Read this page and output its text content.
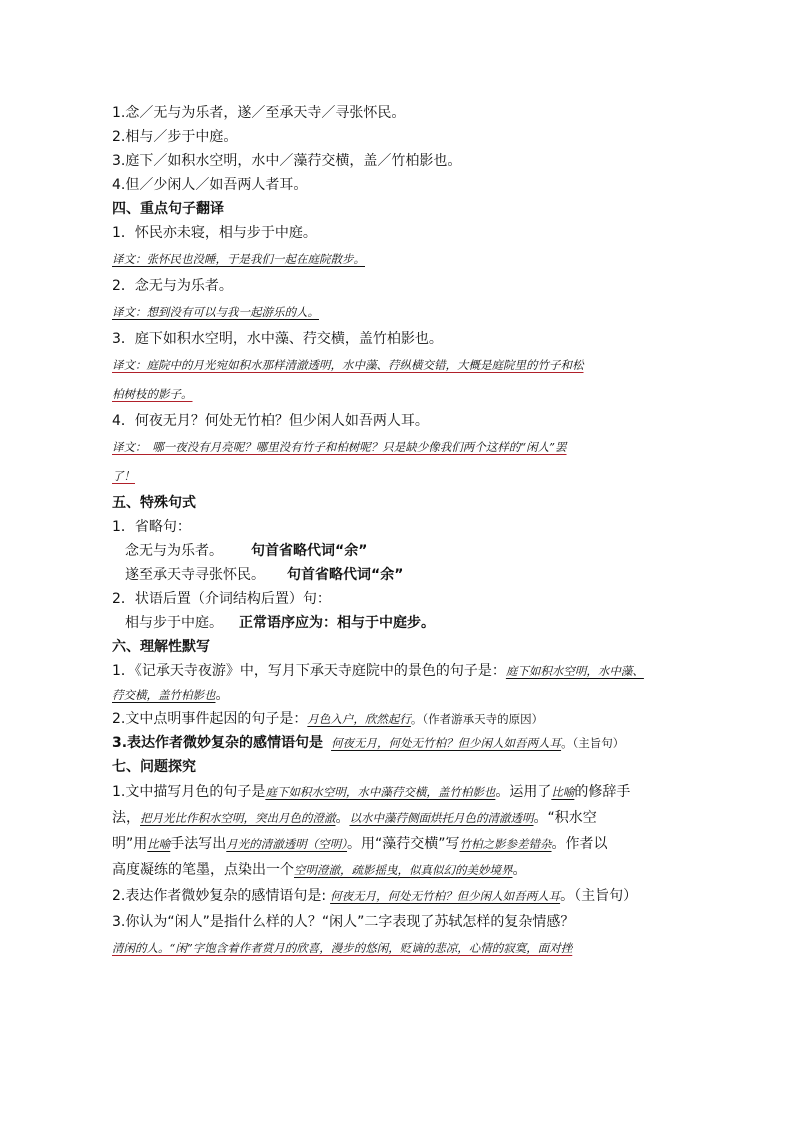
1.念／无与为乐者，遂／至承天寺／寻张怀民。
2.相与／步于中庭。
3.庭下／如积水空明，水中／藻荇交横，盖／竹柏影也。
4.但／少闲人／如吾两人者耳。
四、重点句子翻译
1．怀民亦未寝，相与步于中庭。
译文：张怀民也没睡，于是我们一起在庭院散步。
2．念无与为乐者。
译文：想到没有可以与我一起游乐的人。
3．庭下如积水空明，水中藻、荇交横，盖竹柏影也。
译文：庭院中的月光宛如积水那样清澈透明，水中藻、荇纵横交错，大概是庭院里的竹子和松
柏树枝的影子。
4．何夜无月？何处无竹柏？但少闲人如吾两人耳。
译文：　哪一夜没有月亮呢？哪里没有竹子和柏树呢？只是缺少像我们两个这样的“闲人”罢
了！
五、特殊句式
1．省略句：
念无与为乐者。 句首省略代词“余”
遂至承天寺寻张怀民。 句首省略代词“余”
2．状语后置（介词结构后置）句：
相与步于中庭。 正常语序应为：相与于中庭步。
六、理解性默写
1．《记承天寺夜游》中，写月下承天寺庭院中的景色的句子是：庭下如积水空明，水中藻、
荇交横，盖竹柏影也。
2.文中点明事件起因的句子是：月色入户，欣然起行。（作者游承天寺的原因）
3.表达作者微妙复杂的感情语句是 何夜无月，何处无竹柏？但少闲人如吾两人耳。（主旨句）
七、问题探究
1.文中描写月色的句子是庭下如积水空明，水中藻荇交横，盖竹柏影也。运用了比喻的修辞手
法，把月光比作积水空明，突出月色的澄澈。以水中藻荇侧面烘托月色的清澈透明。“积水空
明”用比喻手法写出月光的清澈透明（空明）。用“藻荇交横”写竹柏之影参差错杂。作者以
高度凝练的笔墨，点染出一个空明澄澈，疏影摇曳，似真似幻的美妙境界。
2.表达作者微妙复杂的感情语句是: 何夜无月，何处无竹柏？但少闲人如吾两人耳。（主旨句）
3.你认为“闲人”是指什么样的人？“闲人”二字表现了苏轼怎样的复杂情感？
清闲的人。“闲”字饱含着作者赏月的欣喜，漫步的悠闲，贬谪的悲凉，心情的寂寞，面对挫
